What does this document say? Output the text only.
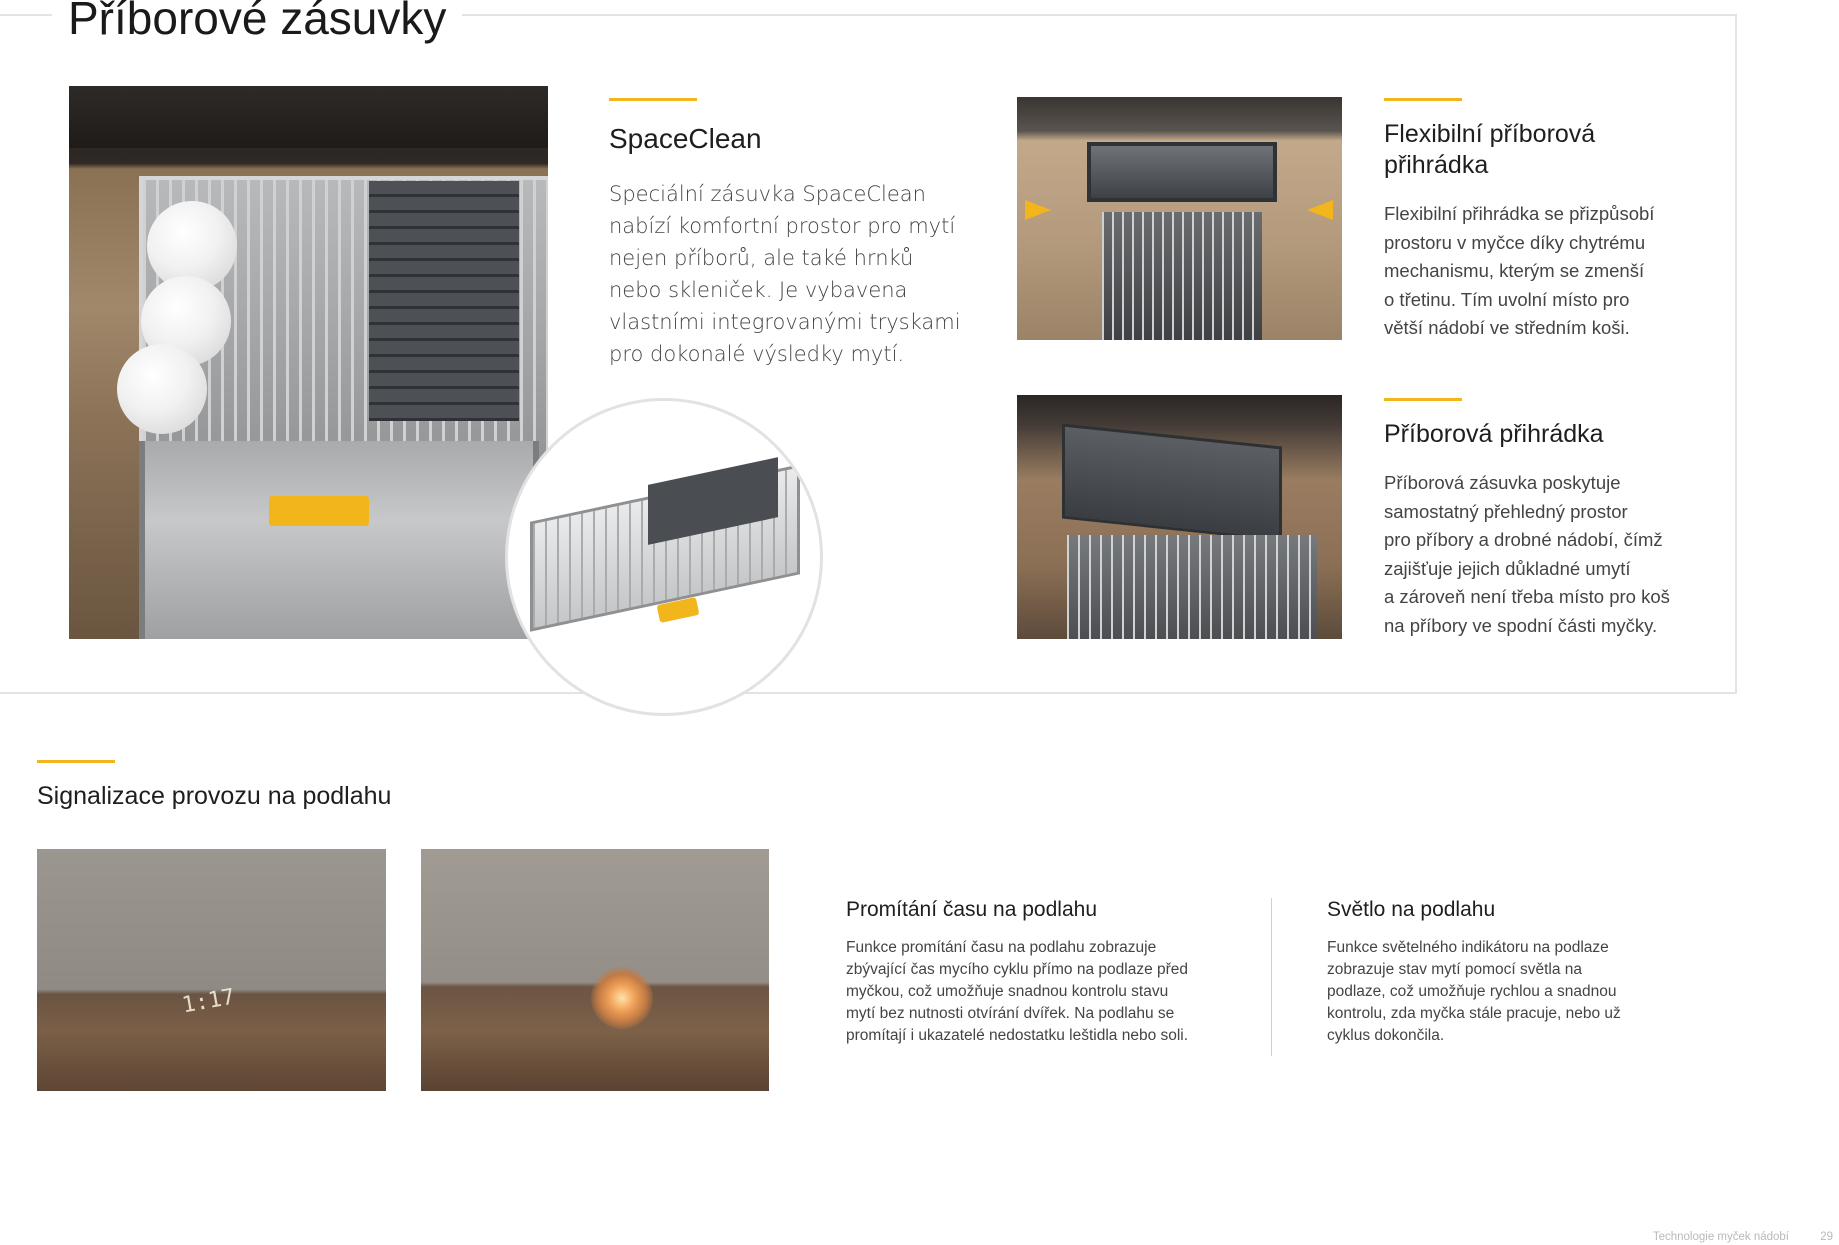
Příborové zásuvky
SpaceClean
Speciální zásuvka SpaceClean
nabízí komfortní prostor pro mytí
nejen příborů, ale také hrnků
nebo skleniček. Je vybavena
vlastními integrovanými tryskami
pro dokonalé výsledky mytí.
Flexibilní příborová
přihrádka
Flexibilní přihrádka se přizpůsobí
prostoru v myčce díky chytrému
mechanismu, kterým se zmenší
o třetinu. Tím uvolní místo pro
větší nádobí ve středním koši.
Příborová přihrádka
Příborová zásuvka poskytuje
samostatný přehledný prostor
pro příbory a drobné nádobí, čímž
zajišťuje jejich důkladné umytí
a zároveň není třeba místo pro koš
na příbory ve spodní části myčky.
Signalizace provozu na podlahu
1:17
Promítání času na podlahu
Funkce promítání času na podlahu zobrazuje
zbývající čas mycího cyklu přímo na podlaze před
myčkou, což umožňuje snadnou kontrolu stavu
mytí bez nutnosti otvírání dvířek. Na podlahu se
promítají i ukazatelé nedostatku leštidla nebo soli.
Světlo na podlahu
Funkce světelného indikátoru na podlaze
zobrazuje stav mytí pomocí světla na
podlaze, což umožňuje rychlou a snadnou
kontrolu, zda myčka stále pracuje, nebo už
cyklus dokončila.
Technologie myček nádobí	29
